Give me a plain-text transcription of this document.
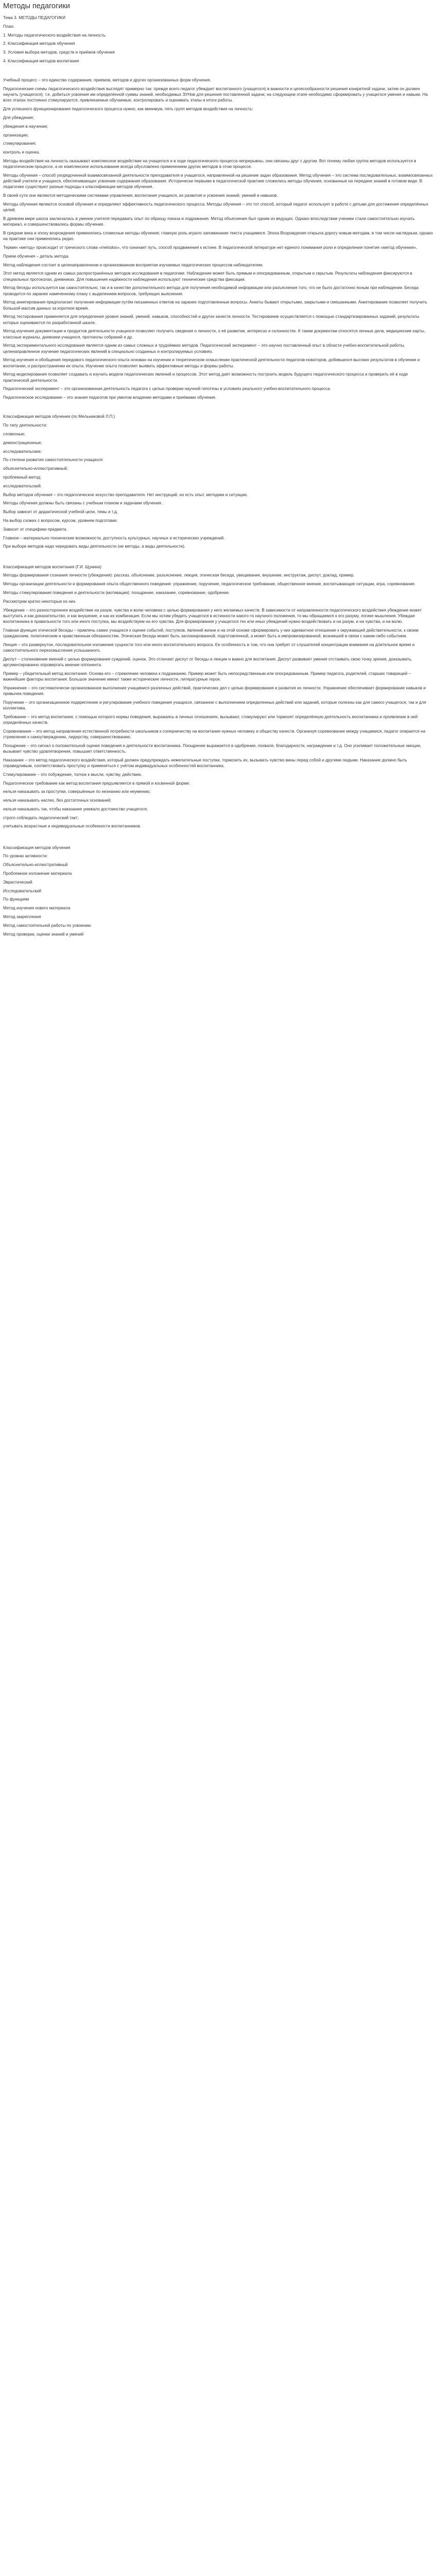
Методы педагогики

Тема 3. МЕТОДЫ ПЕДАГОГИКИ

План:

1. Методы педагогического воздействия на личность.

2. Классификация методов обучения

3. Условия выбора методов, средств и приёмов обучения

4. Классификация методов воспитания

Учебный процесс – это единство содержания, приемов, методов и других организованных форм обучения.

Педагогические схемы педагогического воздействия выглядят примерно так: прежде всего педагог убеждает воспитанного (учащегося) в важности и целесообразности решения конкретной задачи, затем он должен научить (учащегося), т.е. добиться усвоения им определённой суммы знаний, необходимых ЗУНов для решения поставленной задачи; на следующем этапе необходимо сформировать у учащегося умения и навыки. На всех этапах постоянно стимулируются, привлекаемые обучаемые, контролировать и оценивать этапы и итоги работы.

Для успешного функционирования педагогического процесса нужно, как минимум, пять групп методов воздействия на личность:

Для убеждения;

убеждения в научении;

организации;

стимулирования;

контроль и оценка.

Методы воздействия на личность оказывают комплексное воздействие на учащегося и в ходе педагогического процесса непрерывны, они связаны друг с другом. Вот почему любая группа методов используется в педагогическом процессе, а их комплексное использование всегда обусловлено применением других методов в этом процессе.

Методы обучения – способ упорядоченной взаимосвязанной деятельности преподавателя и учащегося, направленной на решение задач образования. Метод обучения – это система последовательных, взаимосвязанных действий учителя и учащихся, обеспечивающих усвоение содержания образования. Исторически первыми в педагогической практике сложились методы обучения, основанные на передаче знаний в готовом виде. В педагогике существуют разные подходы к классификации методов обучения.

В своей сути они являются методическими системами управления, воспитания учащихся, их развития и усвоения знаний, умений и навыков.

Методы обучения являются основой обучения и определяют эффективность педагогического процесса. Методы обучения – это тот способ, который педагог использует в работе с детьми для достижения определённых целей.

В древнем мире школа заключалась в умении учителя передавать опыт по образцу показа и подражания. Метод объяснения был одним из ведущих. Однако впоследствии ученики стали самостоятельно изучать материал, и совершенствовались формы обучения.

В средние века и эпоху возрождения применялись словесные методы обучения; главную роль играло запоминание текста учащимися. Эпоха Возрождения открыла дорогу новым методам, в том числе наглядным, однако на практике они применялись редко.

Термин «метод» происходит от греческого слова «metodos», что означает путь, способ продвижения к истине. В педагогической литературе нет единого понимания роли и определения понятия «метод обучения».

Прием обучения – деталь метода.

Метод наблюдения состоит в целенаправленном и организованном восприятии изучаемых педагогических процессов наблюдателем.

Этот метод является одним из самых распространённых методов исследования в педагогике. Наблюдение может быть прямым и опосредованным, открытым и скрытым. Результаты наблюдения фиксируются в специальных протоколах, дневниках. Для повышения надёжности наблюдения используют технические средства фиксации.

Метод беседы используется как самостоятельно, так и в качестве дополнительного метода для получения необходимой информации или разъяснения того, что не было достаточно ясным при наблюдении. Беседа проводится по заранее намеченному плану с выделением вопросов, требующих выяснения.

Метод анкетирования предполагает получение информации путём письменных ответов на заранее подготовленные вопросы. Анкеты бывают открытыми, закрытыми и смешанными. Анкетирование позволяет получить большой массив данных за короткое время.

Метод тестирования применяется для определения уровня знаний, умений, навыков, способностей и других качеств личности. Тестирование осуществляется с помощью стандартизированных заданий, результаты которых оцениваются по разработанной шкале.

Метод изучения документации и продуктов деятельности учащихся позволяет получить сведения о личности, о её развитии, интересах и склонностях. К таким документам относятся личные дела, медицинские карты, классные журналы, дневники учащихся, протоколы собраний и др.

Метод экспериментального исследования является одним из самых сложных и трудоёмких методов. Педагогический эксперимент – это научно поставленный опыт в области учебно-воспитательной работы, целенаправленное изучение педагогических явлений в специально созданных и контролируемых условиях.

Метод изучения и обобщения передового педагогического опыта основан на изучении и теоретическом осмыслении практической деятельности педагогов-новаторов, добившихся высоких результатов в обучении и воспитании, и распространении их опыта. Изучение опыта позволяет выявить эффективные методы и формы работы.

Метод моделирования позволяет создавать и изучать модели педагогических явлений и процессов. Этот метод даёт возможность построить модель будущего педагогического процесса и проверить её в ходе практической деятельности.

Педагогический эксперимент – это организованная деятельность педагога с целью проверки научной гипотезы в условиях реального учебно-воспитательного процесса.

Педагогическое исследование – это знания педагогов при умелом владении методами и приёмами обучения.

Классификация методов обучения (по Мельниковой Л.П.)

По типу деятельности:

словесные;

демонстрационные;

исследовательские;

По степени развития самостоятельности учащихся:

объяснительно-иллюстративный;

проблемный метод;

исследовательский.

Выбор методов обучения – это педагогическое искусство преподавателя. Нет инструкций, но есть опыт, методики и ситуации.

Методы обучения должны быть связаны с учебным планом и задачами обучения.

Выбор зависит от дидактической учебной цели, темы и т.д.

На выбор схожих с вопросом, курсом, уровнем подготовки:

Зависит от специфики предмета.

Главное – материально-технические возможности, доступность культурных, научных и исторических учреждений.

При выборе методов надо чередовать виды деятельности (не методы, а виды деятельности).

Классификация методов воспитания (Г.И. Щукина)

Методы формирования сознания личности (убеждения): рассказ, объяснение, разъяснение, лекция, этическая беседа, увещевание, внушение, инструктаж, диспут, доклад, пример.

Методы организации деятельности и формирования опыта общественного поведения: упражнение, поручение, педагогическое требование, общественное мнение, воспитывающие ситуации, игра, соревнование.

Методы стимулирования поведения и деятельности (мотивации): поощрение, наказание, соревнование, одобрение.

Рассмотрим кратко некоторые из них.

Убеждение – это разностороннее воздействие на разум, чувства и волю человека с целью формирования у него желаемых качеств. В зависимости от направленности педагогического воздействия убеждение может выступать и как доказательство, и как внушение, и как их комбинация. Если мы хотим убедить учащегося в истинности какого-то научного положения, то мы обращаемся к его разуму, логике мышления. Убеждая воспитанника в правильности того или иного поступка, мы воздействуем на его чувства. Для формирования у учащегося тех или иных убеждений нужно воздействовать и на разум, и на чувства, и на волю.

Главная функция этической беседы – привлечь самих учащихся к оценке событий, поступков, явлений жизни и на этой основе сформировать у них адекватное отношение к окружающей действительности, к своим гражданским, политическим и нравственным обязанностям. Этическая беседа может быть запланированной, подготовленной, а может быть и импровизированной, возникшей в связи с каким-либо событием.

Лекция – это развернутое, последовательное изложение сущности того или иного воспитательного вопроса. Ее особенность в том, что она требует от слушателей концентрации внимания на длительное время и самостоятельного переосмысления услышанного.

Диспут – столкновение мнений с целью формирования суждений, оценок. Это отличает диспут от беседы и лекции и важно для воспитания. Диспут развивает умения отстаивать свою точку зрения, доказывать, аргументированно опровергать мнение оппонента.

Пример – убедительный метод воспитания. Основа его – стремление человека к подражанию. Пример может быть непосредственным или опосредованным. Пример педагога, родителей, старших товарищей – важнейшие факторы воспитания. Большое значение имеют также исторические личности, литературные герои.

Упражнение – это систематически организованное выполнение учащимися различных действий, практических дел с целью формирования и развития их личности. Упражнение обеспечивает формирование навыков и привычек поведения.

Поручение – это организационное подкрепление и регулирование учебного поведения учащихся, связанное с выполнением определенных действий или заданий, которые полезны как для самого учащегося, так и для коллектива.

Требование – это метод воспитания, с помощью которого нормы поведения, выражаясь в личных отношениях, вызывают, стимулируют или тормозят определённую деятельность воспитанника и проявление в ней определённых качеств.

Соревнование – это метод направления естественной потребности школьников к соперничеству на воспитание нужных человеку и обществу качеств. Организуя соревнование между учащимися, педагог опирается на стремление к самоутверждению, лидерству, совершенствованию.

Поощрение – это сигнал о положительной оценке поведения и деятельности воспитанника. Поощрение выражается в одобрении, похвале, благодарности, награждении и т.д. Оно усиливает положительные эмоции, вызывает чувство удовлетворения, повышает ответственность.

Наказание – это метод педагогического воздействия, который должен предупреждать нежелательные поступки, тормозить их, вызывать чувство вины перед собой и другими людьми. Наказание должно быть справедливым, соответствовать проступку и применяться с учётом индивидуальных особенностей воспитанника.

Стимулирование – это побуждение, толчок к мысли, чувству, действию.

Педагогическое требование как метод воспитания предъявляется в прямой и косвенной форме:

нельзя наказывать за проступки, совершённые по незнанию или неумению;

нельзя наказывать наспех, без достаточных оснований;

нельзя наказывать так, чтобы наказание унижало достоинство учащегося;

строго соблюдать педагогический такт;

учитывать возрастные и индивидуальные особенности воспитанников.

Классификация методов обучения

По уровню активности:

Объяснительно-иллюстративный

Проблемное изложение материала

Эвристический

Исследовательский

По функциям

Метод изучения нового материала

Метод закрепления

Метод самостоятельной работы по усвоению

Метод проверки, оценки знаний и умений
